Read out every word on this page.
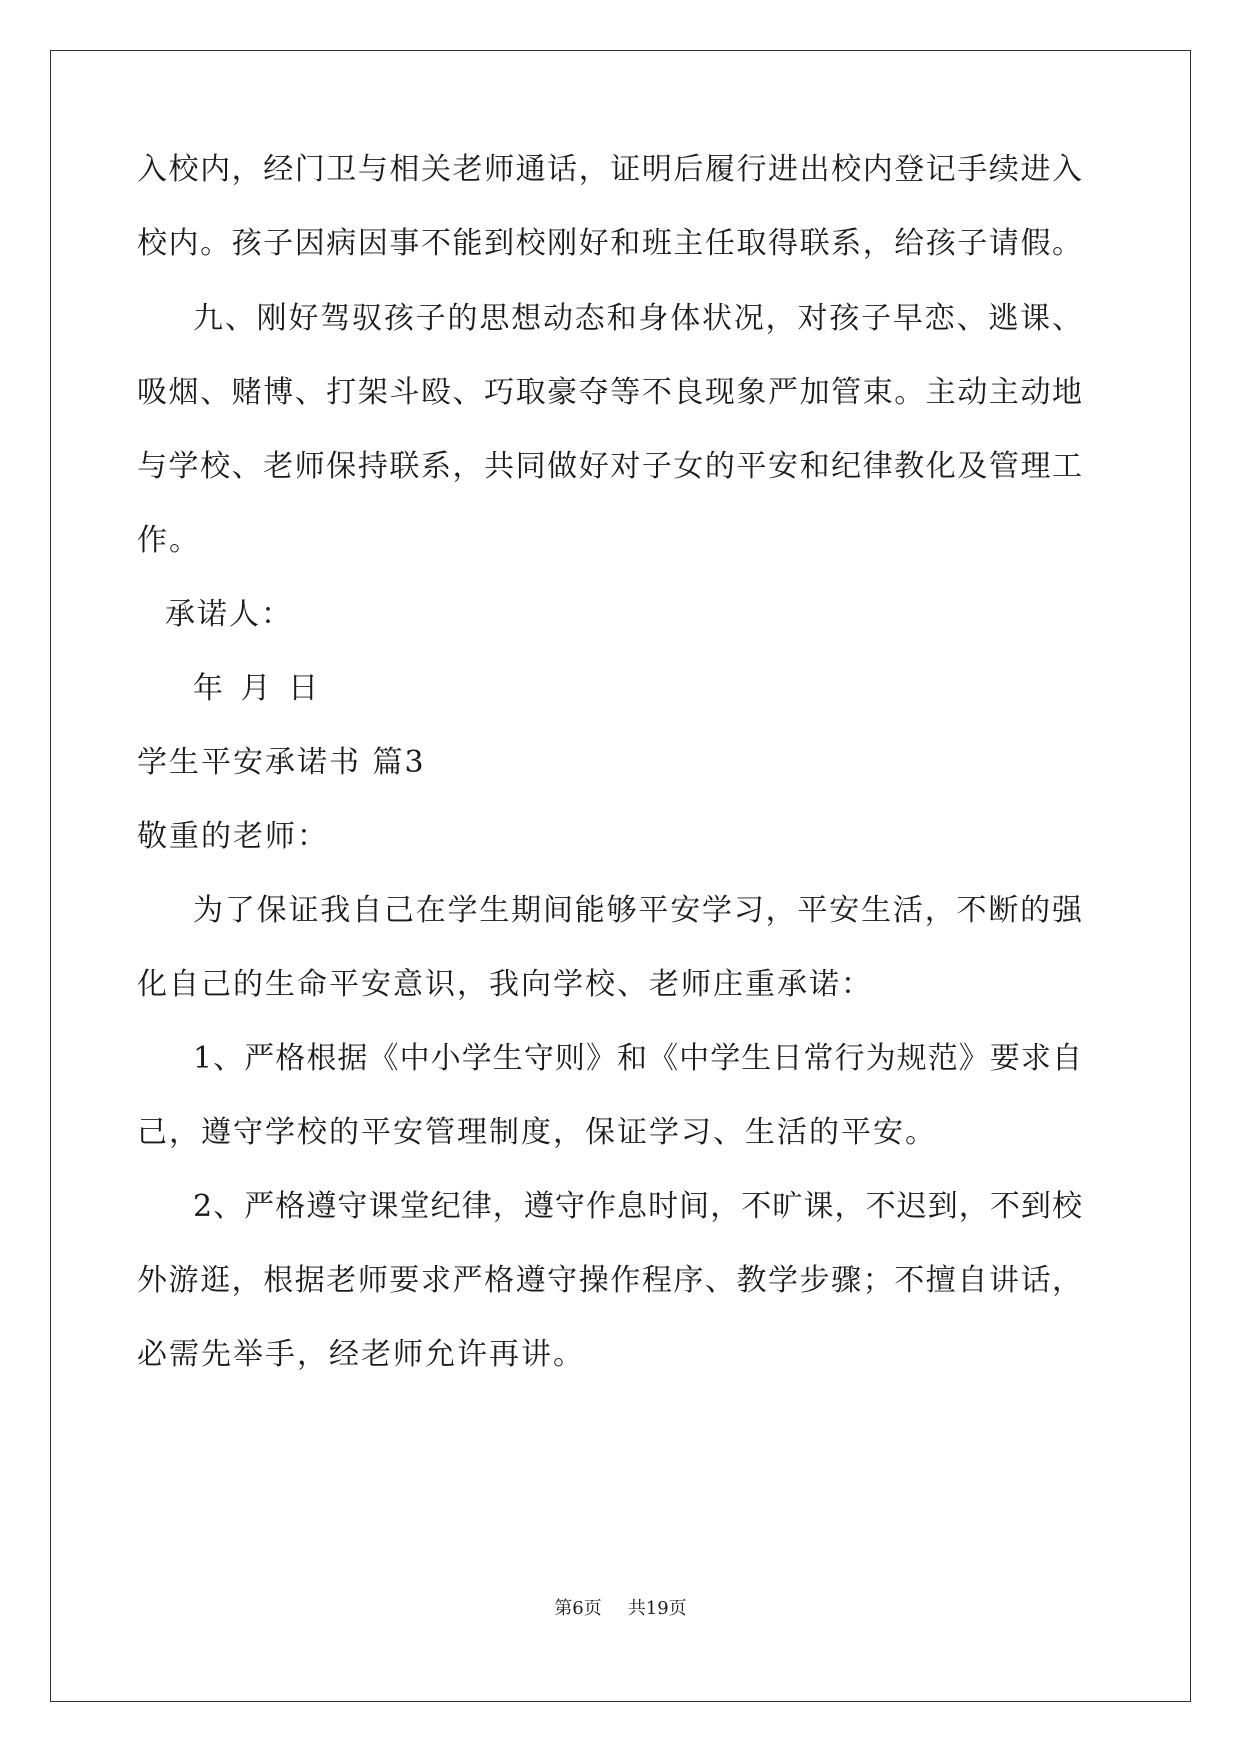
入校内，经门卫与相关老师通话，证明后履行进出校内登记手续进入
校内。孩子因病因事不能到校刚好和班主任取得联系，给孩子请假。
九、刚好驾驭孩子的思想动态和身体状况，对孩子早恋、逃课、
吸烟、赌博、打架斗殴、巧取豪夺等不良现象严加管束。主动主动地
与学校、老师保持联系，共同做好对子女的平安和纪律教化及管理工
作。
承诺人：
年 月 日
学生平安承诺书 篇3
敬重的老师：
为了保证我自己在学生期间能够平安学习，平安生活，不断的强
化自己的生命平安意识，我向学校、老师庄重承诺：
1、严格根据《中小学生守则》和《中学生日常行为规范》要求自
己，遵守学校的平安管理制度，保证学习、生活的平安。
2、严格遵守课堂纪律，遵守作息时间，不旷课，不迟到，不到校
外游逛，根据老师要求严格遵守操作程序、教学步骤；不擅自讲话，
必需先举手，经老师允许再讲。
第6页 共19页
